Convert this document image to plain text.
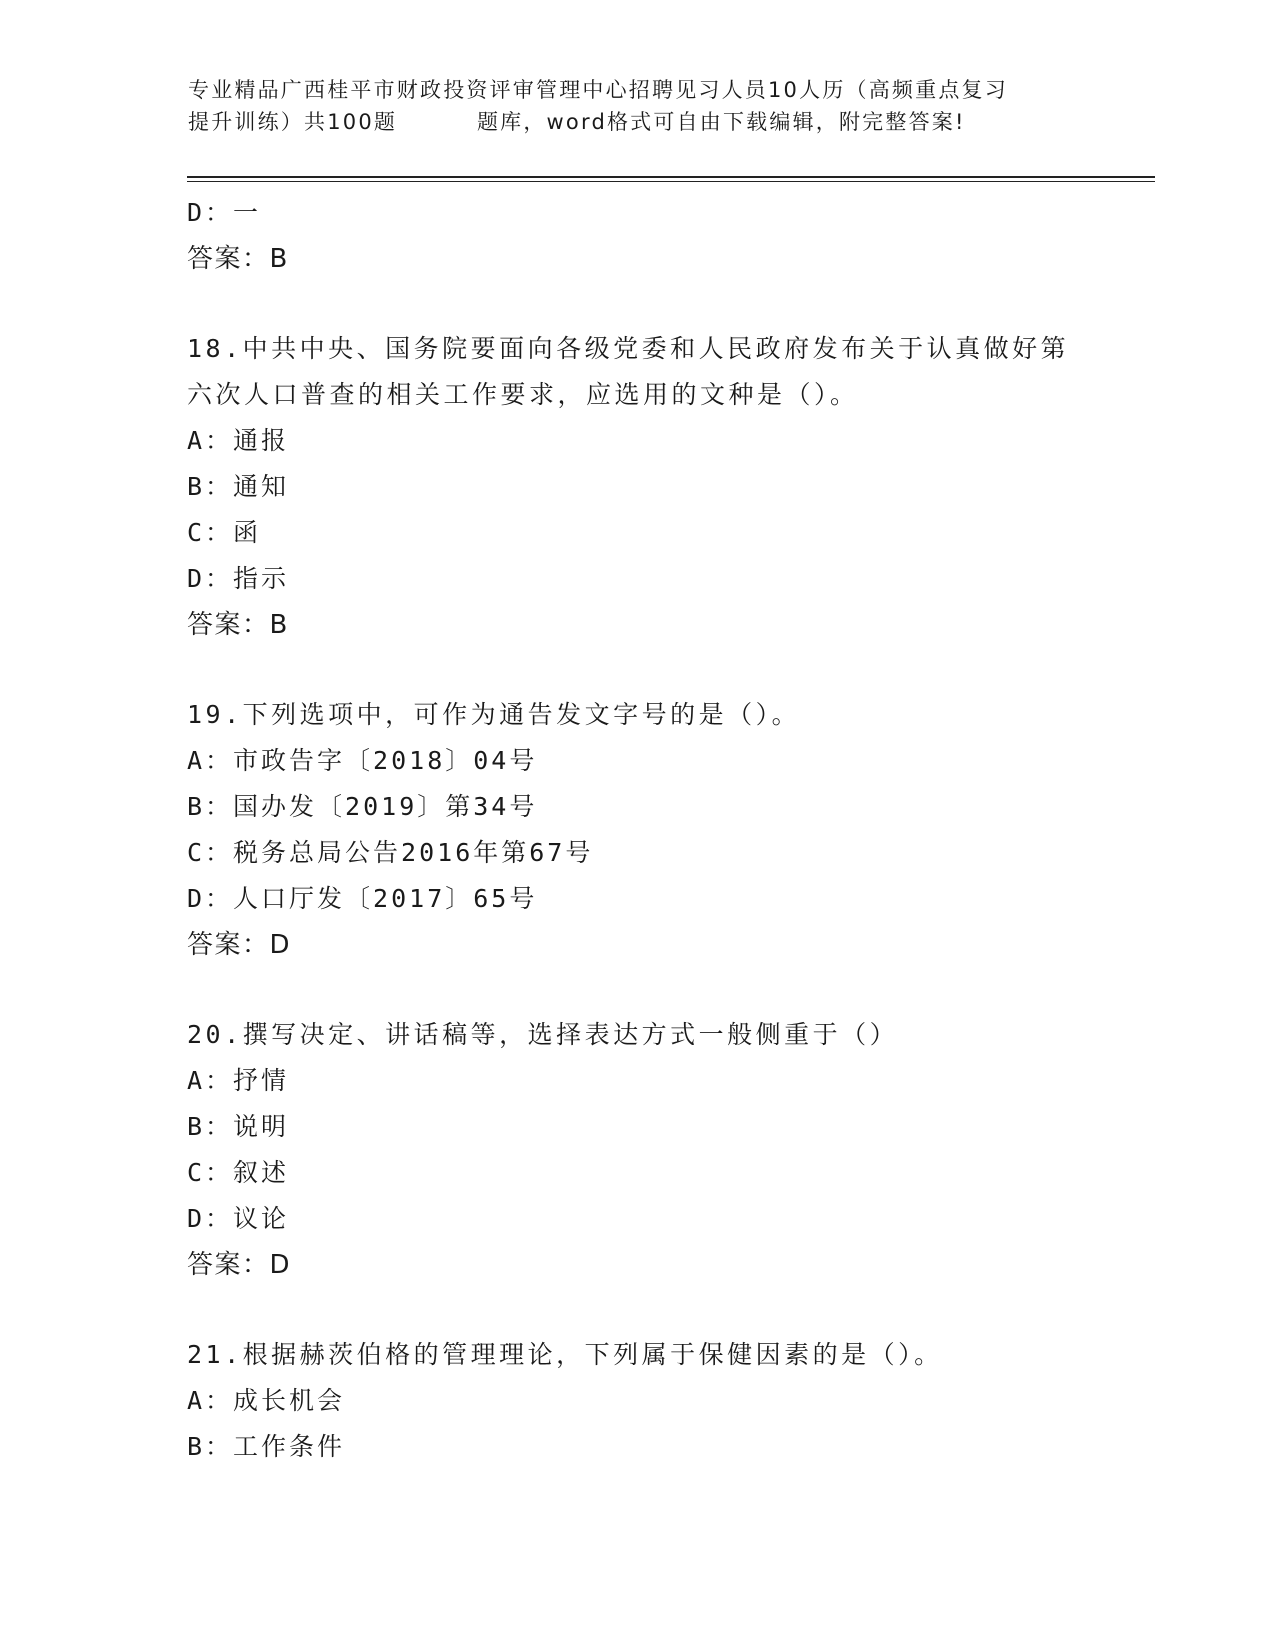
专业精品广西桂平市财政投资评审管理中心招聘见习人员10人历（高频重点复习
提升训练）共100题         题库，word格式可自由下载编辑，附完整答案!
D：一
答案：B
18.中共中央、国务院要面向各级党委和人民政府发布关于认真做好第
六次人口普查的相关工作要求，应选用的文种是（）。
A：通报
B：通知
C：函
D：指示
答案：B
19.下列选项中，可作为通告发文字号的是（）。
A：市政告字〔2018〕04号
B：国办发〔2019〕第34号
C：税务总局公告2016年第67号
D：人口厅发〔2017〕65号
答案：D
20.撰写决定、讲话稿等，选择表达方式一般侧重于（）
A：抒情
B：说明
C：叙述
D：议论
答案：D
21.根据赫茨伯格的管理理论，下列属于保健因素的是（）。
A：成长机会
B：工作条件
